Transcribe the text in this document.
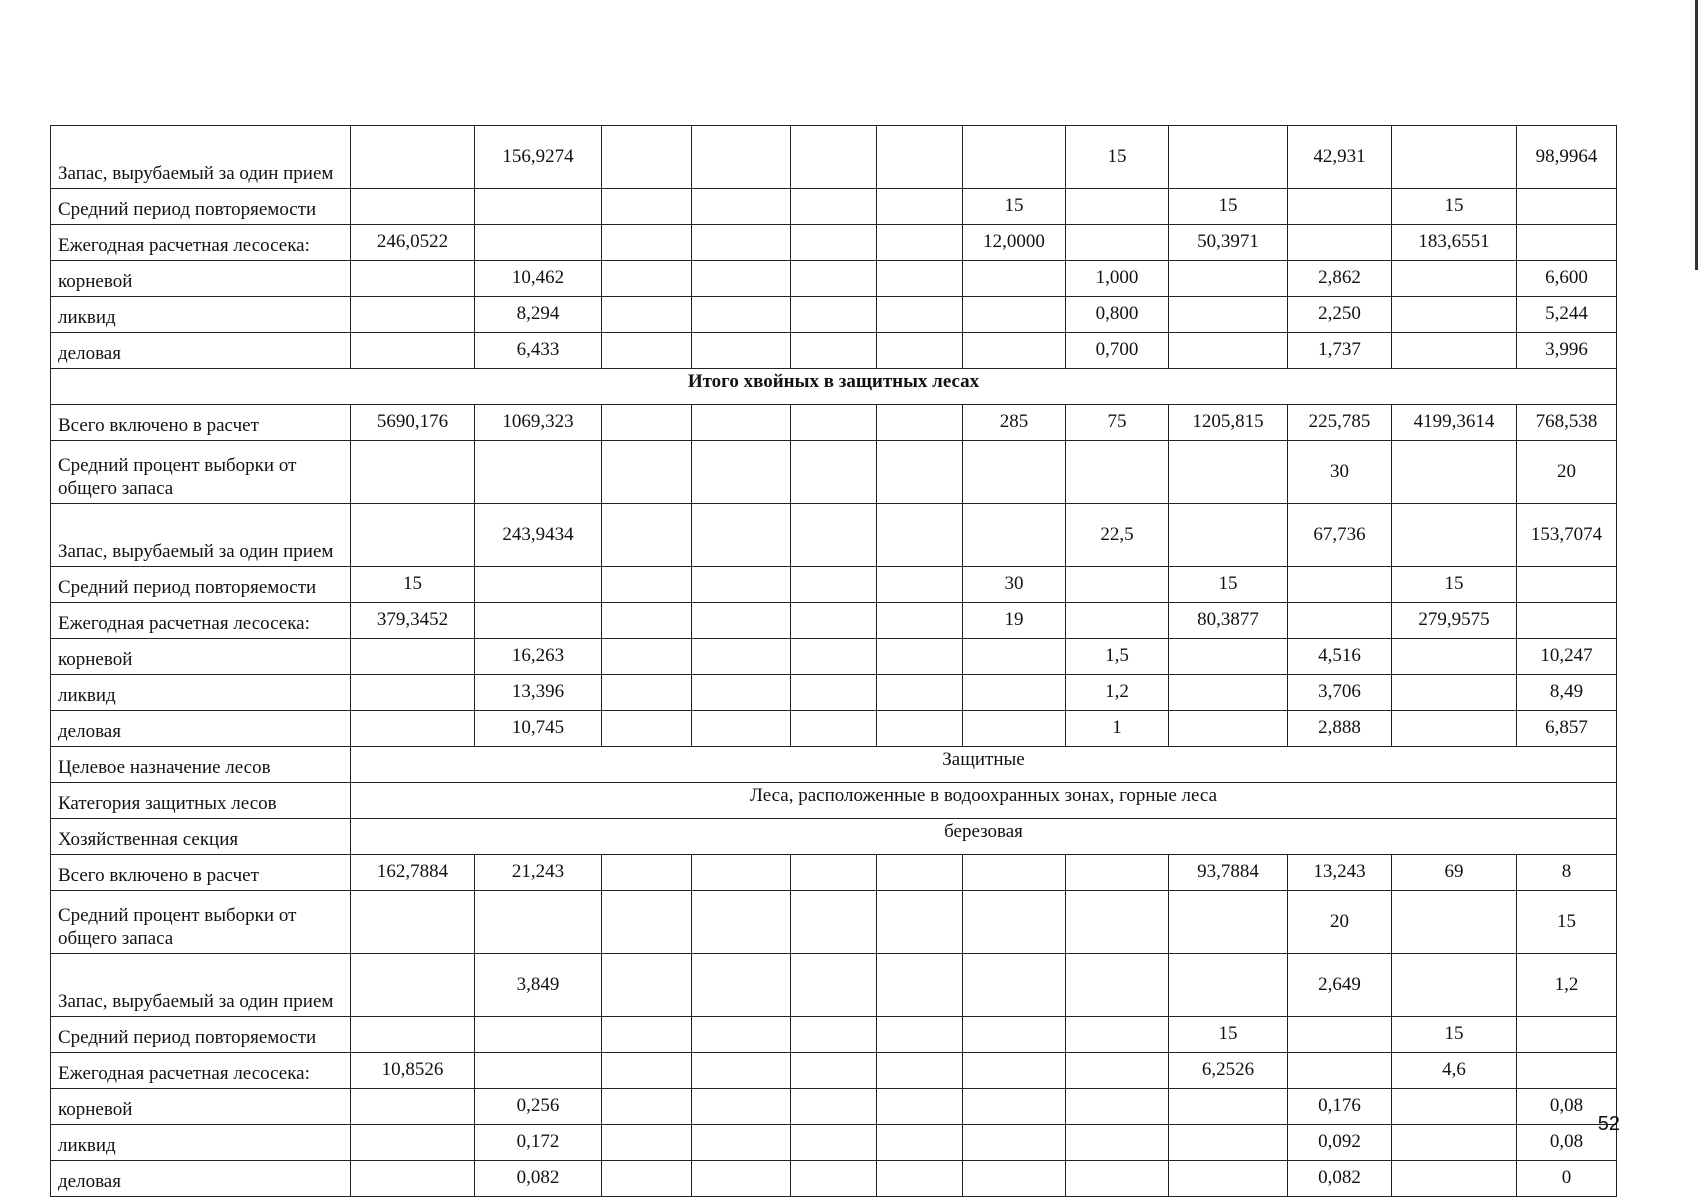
Запас, вырубаемый за один прием		156,9274						15		42,931		98,9964
Средний период повторяемости							15		15		15	
Ежегодная расчетная лесосека:	246,0522						12,0000		50,3971		183,6551	
корневой		10,462						1,000		2,862		6,600
ликвид		8,294						0,800		2,250		5,244
деловая		6,433						0,700		1,737		3,996
Итого хвойных в защитных лесах												
Всего включено в расчет	5690,176	1069,323					285	75	1205,815	225,785	4199,3614	768,538
Средний процент выборки от общего запаса										30		20
Запас, вырубаемый за один прием		243,9434						22,5		67,736		153,7074
Средний период повторяемости	15						30		15		15	
Ежегодная расчетная лесосека:	379,3452						19		80,3877		279,9575	
корневой		16,263						1,5		4,516		10,247
ликвид		13,396						1,2		3,706		8,49
деловая		10,745						1		2,888		6,857
Целевое назначение лесов	Защитные											
Категория защитных лесов	Леса, расположенные в водоохранных зонах, горные леса											
Хозяйственная секция	березовая											
Всего включено в расчет	162,7884	21,243							93,7884	13,243	69	8
Средний процент выборки от общего запаса										20		15
Запас, вырубаемый за один прием		3,849								2,649		1,2
Средний период повторяемости									15		15	
Ежегодная расчетная лесосека:	10,8526								6,2526		4,6	
корневой		0,256								0,176		0,08
ликвид		0,172								0,092		0,08
деловая		0,082								0,082		0
52
